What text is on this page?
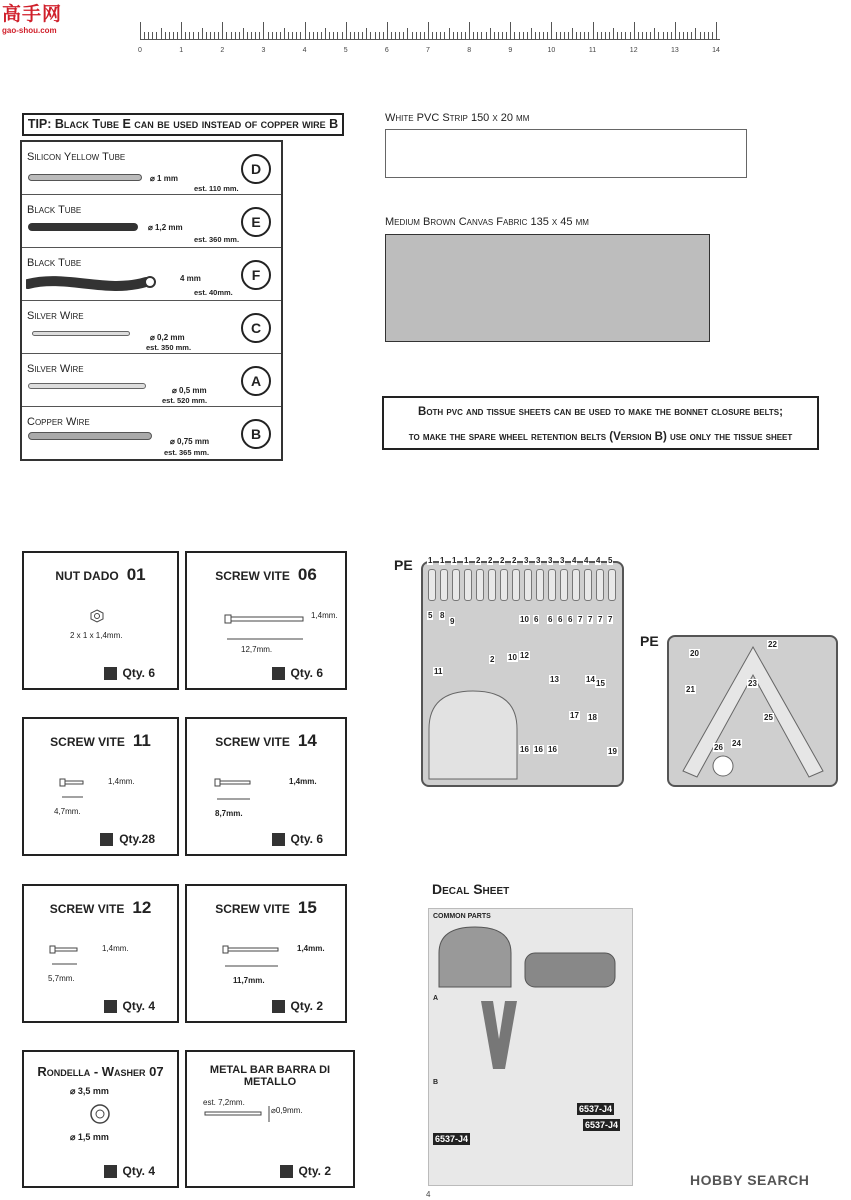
高手网
gao-shou.com
0	1	2	3	4	5	6	7	8	9	10	11	12	13	14
TIP: Black Tube E can be used instead of copper wire B
Silicon Yellow Tube
⌀ 1 mm
est. 110 mm.
D
Black Tube
⌀ 1,2 mm
est. 360 mm.
E
Black Tube
4 mm
est. 40mm.
F
Silver Wire
⌀ 0,2 mm
est. 350 mm.
C
Silver Wire
⌀ 0,5 mm
est. 520 mm.
A
Copper Wire
⌀ 0,75 mm
est. 365 mm.
B
White PVC Strip 150 x 20 mm
Medium Brown Canvas Fabric 135 x 45 mm
Both pvc and tissue sheets can be used to make the bonnet closure belts;
to make the spare wheel retention belts (Version B) use only the tissue sheet
NUT DADO 01
2 x 1 x 1,4mm.
Qty. 6
SCREW VITE 06
12,7mm.
1,4mm.
Qty. 6
SCREW VITE 11
4,7mm.
1,4mm.
Qty.28
SCREW VITE 14
8,7mm.
1,4mm.
Qty. 6
SCREW VITE 12
5,7mm.
1,4mm.
Qty. 4
SCREW VITE 15
11,7mm.
1,4mm.
Qty. 2
Rondella - Washer 07
⌀ 3,5 mm
⌀ 1,5 mm
Qty. 4
METAL BAR BARRA DI METALLO
est. 7,2mm.
⌀0,9mm.
Qty. 2
PE 1 1 1 1 2 2 2 2 3 3 3 3 4 4 4 5
5 8
9
2 10
10 6 6 6 6 7 7 7 7
12
11
13	14 15
17 18
16 16 16	19
PE	22
20
21
23
24
25
26
Decal Sheet
COMMON PARTS
A
B
6537-J4
6537-J4
6537-J4
HOBBY SEARCH
4
